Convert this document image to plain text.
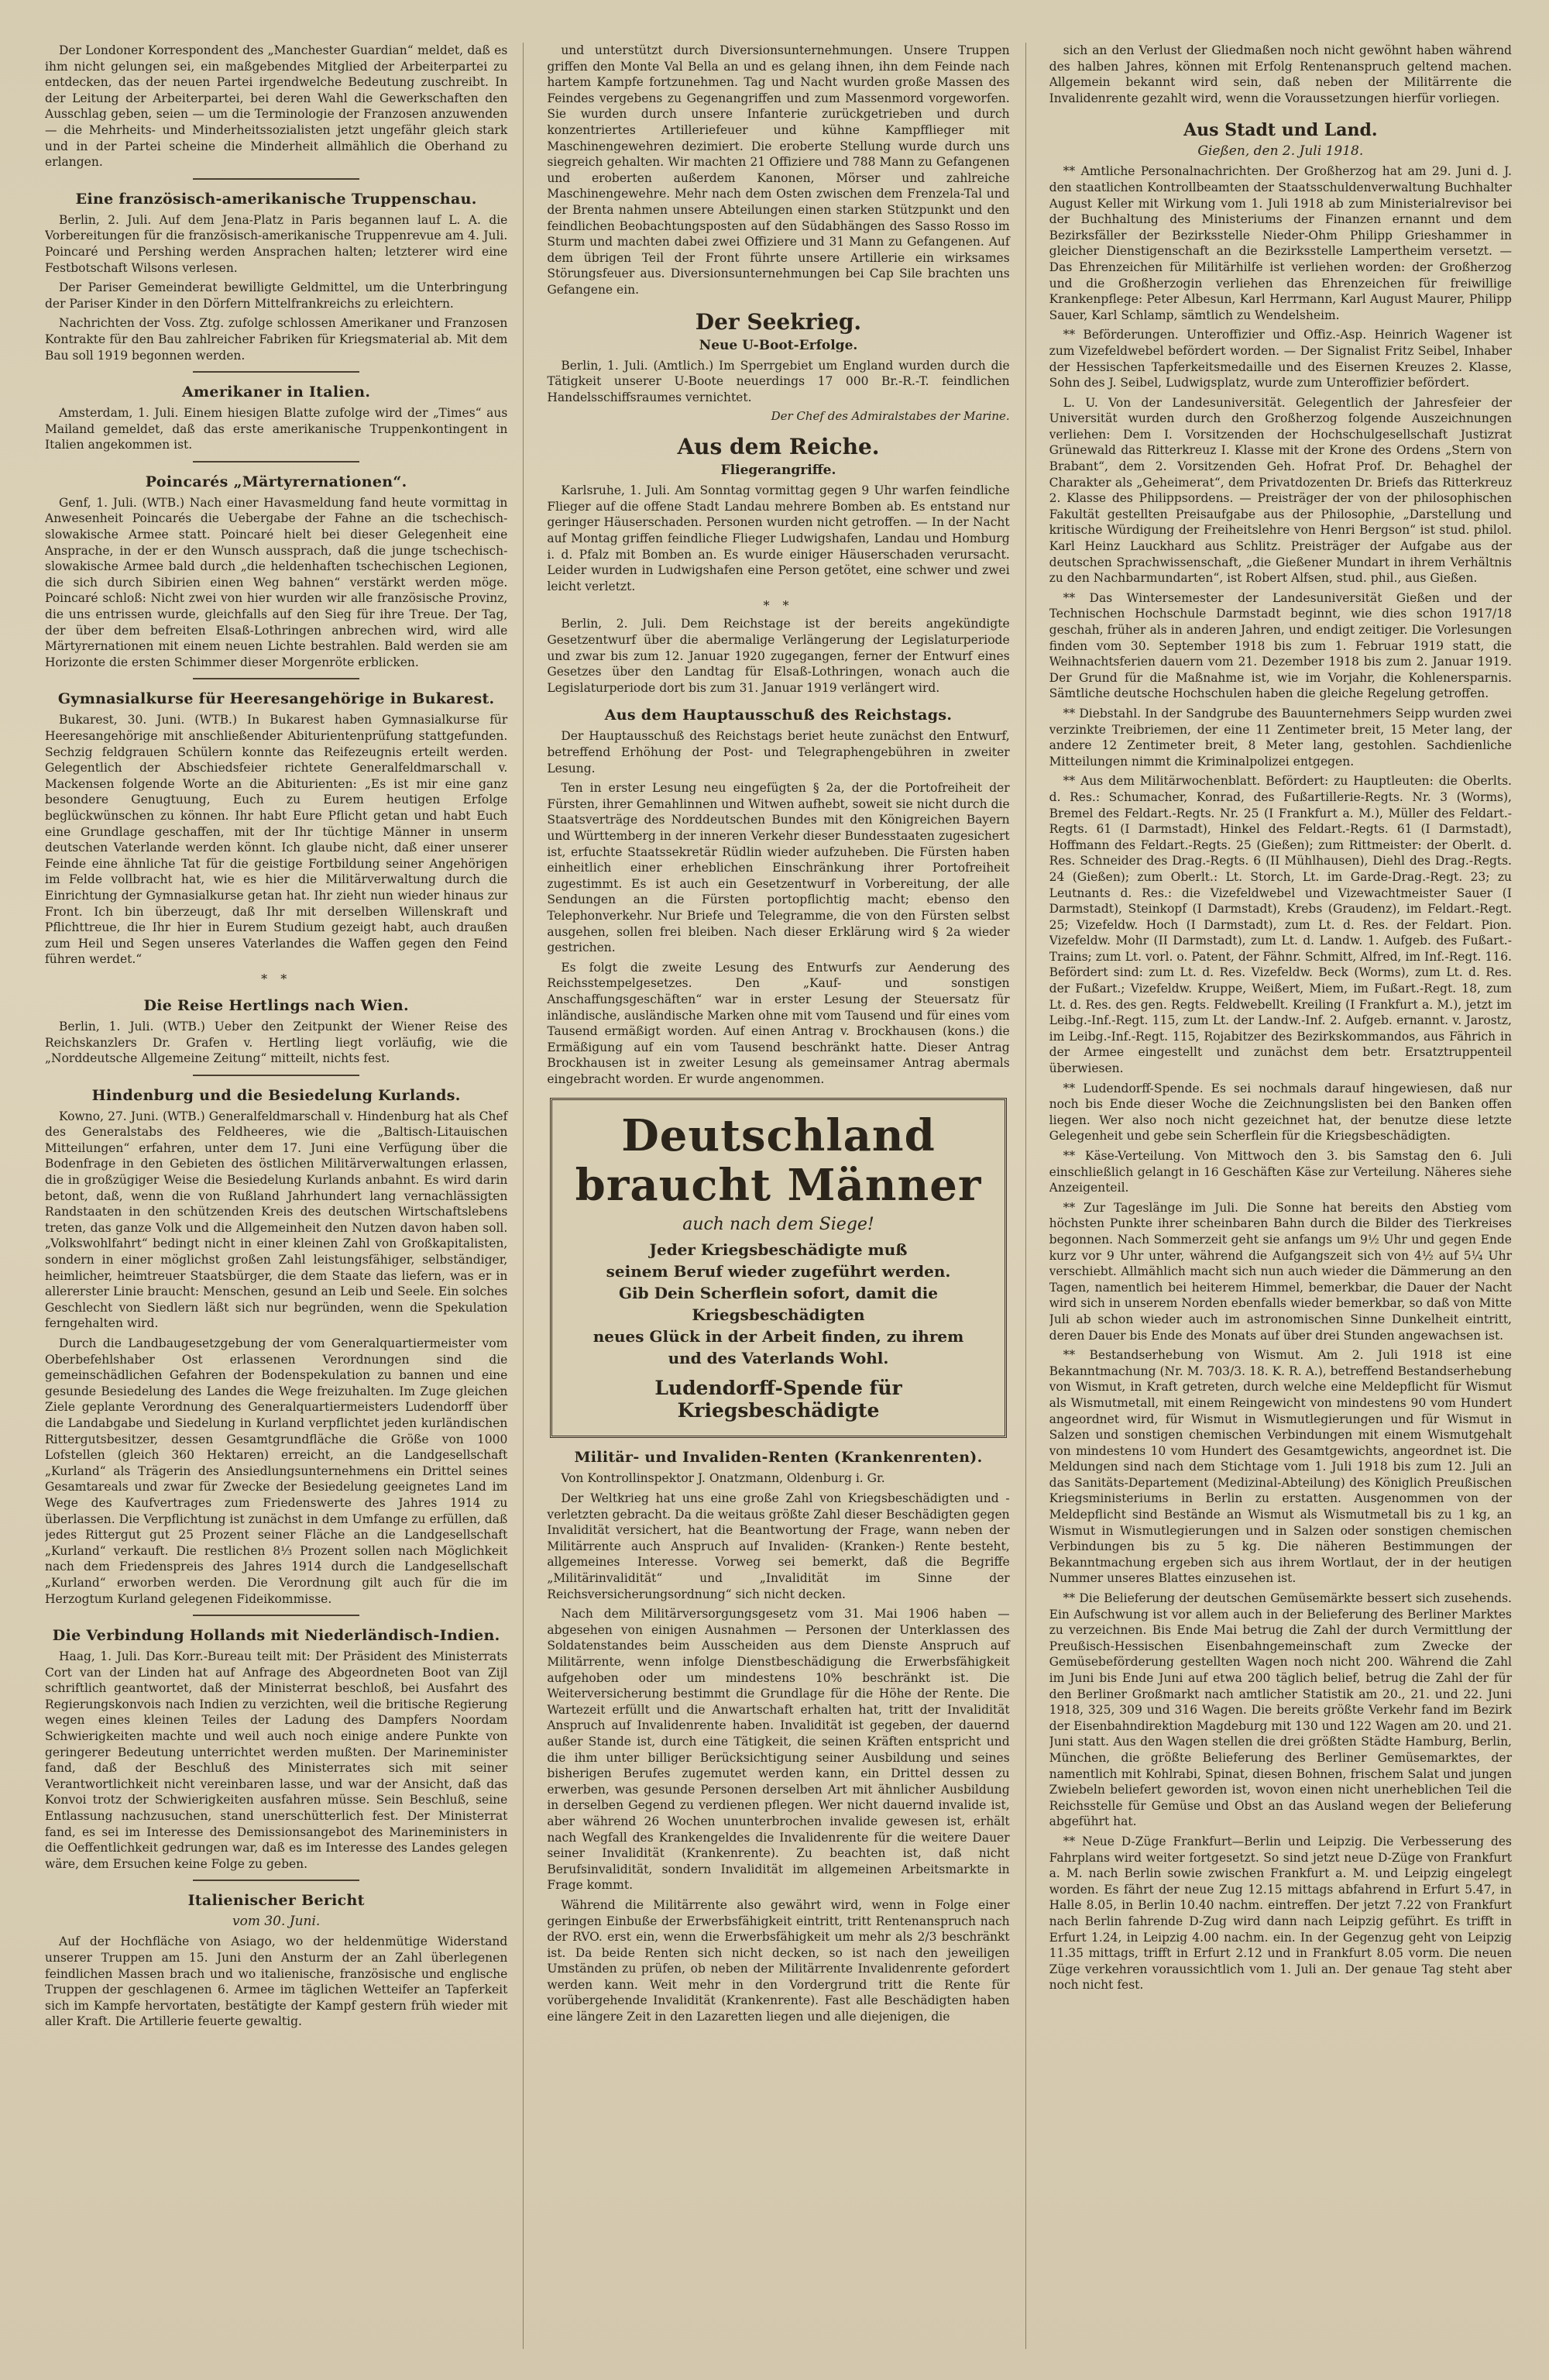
Der Londoner Korrespondent des „Manchester Guardian“ meldet, daß es ihm nicht gelungen sei, ein maßgebendes Mitglied der Arbeiterpartei zu entdecken, das der neuen Partei irgendwelche Bedeutung zuschreibt. In der Leitung der Arbeiterpartei, bei deren Wahl die Gewerkschaften den Ausschlag geben, seien — um die Terminologie der Franzosen anzuwenden — die Mehrheits- und Minderheitssozialisten jetzt ungefähr gleich stark und in der Partei scheine die Minderheit allmählich die Oberhand zu erlangen.

Eine französisch-amerikanische Truppenschau.

Berlin, 2. Juli. Auf dem Jena-Platz in Paris begannen lauf L. A. die Vorbereitungen für die französisch-amerikanische Truppenrevue am 4. Juli. Poincaré und Pershing werden Ansprachen halten; letzterer wird eine Festbotschaft Wilsons verlesen.

Der Pariser Gemeinderat bewilligte Geldmittel, um die Unterbringung der Pariser Kinder in den Dörfern Mittelfrankreichs zu erleichtern.

Nachrichten der Voss. Ztg. zufolge schlossen Amerikaner und Franzosen Kontrakte für den Bau zahlreicher Fabriken für Kriegsmaterial ab. Mit dem Bau soll 1919 begonnen werden.

Amerikaner in Italien.

Amsterdam, 1. Juli. Einem hiesigen Blatte zufolge wird der „Times“ aus Mailand gemeldet, daß das erste amerikanische Truppenkontingent in Italien angekommen ist.

Poincarés „Märtyrernationen“.

Genf, 1. Juli. (WTB.) Nach einer Havasmeldung fand heute vormittag in Anwesenheit Poincarés die Uebergabe der Fahne an die tschechisch-slowakische Armee statt. Poincaré hielt bei dieser Gelegenheit eine Ansprache, in der er den Wunsch aussprach, daß die junge tschechisch-slowakische Armee bald durch „die heldenhaften tschechischen Legionen, die sich durch Sibirien einen Weg bahnen“ verstärkt werden möge. Poincaré schloß: Nicht zwei von hier wurden wir alle französische Provinz, die uns entrissen wurde, gleichfalls auf den Sieg für ihre Treue. Der Tag, der über dem befreiten Elsaß-Lothringen anbrechen wird, wird alle Märtyrernationen mit einem neuen Lichte bestrahlen. Bald werden sie am Horizonte die ersten Schimmer dieser Morgenröte erblicken.

Gymnasialkurse für Heeresangehörige in Bukarest.

Bukarest, 30. Juni. (WTB.) In Bukarest haben Gymnasialkurse für Heeresangehörige mit anschließender Abiturientenprüfung stattgefunden. Sechzig feldgrauen Schülern konnte das Reifezeugnis erteilt werden. Gelegentlich der Abschiedsfeier richtete Generalfeldmarschall v. Mackensen folgende Worte an die Abiturienten: „Es ist mir eine ganz besondere Genugtuung, Euch zu Eurem heutigen Erfolge beglückwünschen zu können. Ihr habt Eure Pflicht getan und habt Euch eine Grundlage geschaffen, mit der Ihr tüchtige Männer in unserm deutschen Vaterlande werden könnt. Ich glaube nicht, daß einer unserer Feinde eine ähnliche Tat für die geistige Fortbildung seiner Angehörigen im Felde vollbracht hat, wie es hier die Militärverwaltung durch die Einrichtung der Gymnasialkurse getan hat. Ihr zieht nun wieder hinaus zur Front. Ich bin überzeugt, daß Ihr mit derselben Willenskraft und Pflichttreue, die Ihr hier in Eurem Studium gezeigt habt, auch draußen zum Heil und Segen unseres Vaterlandes die Waffen gegen den Feind führen werdet.“

* *
Die Reise Hertlings nach Wien.

Berlin, 1. Juli. (WTB.) Ueber den Zeitpunkt der Wiener Reise des Reichskanzlers Dr. Grafen v. Hertling liegt vorläufig, wie die „Norddeutsche Allgemeine Zeitung“ mitteilt, nichts fest.

Hindenburg und die Besiedelung Kurlands.

Kowno, 27. Juni. (WTB.) Generalfeldmarschall v. Hindenburg hat als Chef des Generalstabs des Feldheeres, wie die „Baltisch-Litauischen Mitteilungen“ erfahren, unter dem 17. Juni eine Verfügung über die Bodenfrage in den Gebieten des östlichen Militärverwaltungen erlassen, die in großzügiger Weise die Besiedelung Kurlands anbahnt. Es wird darin betont, daß, wenn die von Rußland Jahrhundert lang vernachlässigten Randstaaten in den schützenden Kreis des deutschen Wirtschaftslebens treten, das ganze Volk und die Allgemeinheit den Nutzen davon haben soll. „Volkswohlfahrt“ bedingt nicht in einer kleinen Zahl von Großkapitalisten, sondern in einer möglichst großen Zahl leistungsfähiger, selbständiger, heimlicher, heimtreuer Staatsbürger, die dem Staate das liefern, was er in allererster Linie braucht: Menschen, gesund an Leib und Seele. Ein solches Geschlecht von Siedlern läßt sich nur begründen, wenn die Spekulation ferngehalten wird.

Durch die Landbaugesetzgebung der vom Generalquartiermeister vom Oberbefehlshaber Ost erlassenen Verordnungen sind die gemeinschädlichen Gefahren der Bodenspekulation zu bannen und eine gesunde Besiedelung des Landes die Wege freizuhalten. Im Zuge gleichen Ziele geplante Verordnung des Generalquartiermeisters Ludendorff über die Landabgabe und Siedelung in Kurland verpflichtet jeden kurländischen Rittergutsbesitzer, dessen Gesamtgrundfläche die Größe von 1000 Lofstellen (gleich 360 Hektaren) erreicht, an die Landgesellschaft „Kurland“ als Trägerin des Ansiedlungsunternehmens ein Drittel seines Gesamtareals und zwar für Zwecke der Besiedelung geeignetes Land im Wege des Kaufvertrages zum Friedenswerte des Jahres 1914 zu überlassen. Die Verpflichtung ist zunächst in dem Umfange zu erfüllen, daß jedes Rittergut gut 25 Prozent seiner Fläche an die Landgesellschaft „Kurland“ verkauft. Die restlichen 8⅓ Prozent sollen nach Möglichkeit nach dem Friedenspreis des Jahres 1914 durch die Landgesellschaft „Kurland“ erworben werden. Die Verordnung gilt auch für die im Herzogtum Kurland gelegenen Fideikommisse.

Die Verbindung Hollands mit Niederländisch-Indien.

Haag, 1. Juli. Das Korr.-Bureau teilt mit: Der Präsident des Ministerrats Cort van der Linden hat auf Anfrage des Abgeordneten Boot van Zijl schriftlich geantwortet, daß der Ministerrat beschloß, bei Ausfahrt des Regierungskonvois nach Indien zu verzichten, weil die britische Regierung wegen eines kleinen Teiles der Ladung des Dampfers Noordam Schwierigkeiten machte und weil auch noch einige andere Punkte von geringerer Bedeutung unterrichtet werden mußten. Der Marineminister fand, daß der Beschluß des Ministerrates sich mit seiner Verantwortlichkeit nicht vereinbaren lasse, und war der Ansicht, daß das Konvoi trotz der Schwierigkeiten ausfahren müsse. Sein Beschluß, seine Entlassung nachzusuchen, stand unerschütterlich fest. Der Ministerrat fand, es sei im Interesse des Demissionsangebot des Marineministers in die Oeffentlichkeit gedrungen war, daß es im Interesse des Landes gelegen wäre, dem Ersuchen keine Folge zu geben.

Italienischer Bericht
vom 30. Juni.

Auf der Hochfläche von Asiago, wo der heldenmütige Widerstand unserer Truppen am 15. Juni den Ansturm der an Zahl überlegenen feindlichen Massen brach und wo italienische, französische und englische Truppen der geschlagenen 6. Armee im täglichen Wetteifer an Tapferkeit sich im Kampfe hervortaten, bestätigte der Kampf gestern früh wieder mit aller Kraft. Die Artillerie feuerte gewaltig.

und unterstützt durch Diversionsunternehmungen. Unsere Truppen griffen den Monte Val Bella an und es gelang ihnen, ihn dem Feinde nach hartem Kampfe fortzunehmen. Tag und Nacht wurden große Massen des Feindes vergebens zu Gegenangriffen und zum Massenmord vorgeworfen. Sie wurden durch unsere Infanterie zurückgetrieben und durch konzentriertes Artilleriefeuer und kühne Kampfflieger mit Maschinengewehren dezimiert. Die eroberte Stellung wurde durch uns siegreich gehalten. Wir machten 21 Offiziere und 788 Mann zu Gefangenen und eroberten außerdem Kanonen, Mörser und zahlreiche Maschinengewehre. Mehr nach dem Osten zwischen dem Frenzela-Tal und der Brenta nahmen unsere Abteilungen einen starken Stützpunkt und den feindlichen Beobachtungsposten auf den Südabhängen des Sasso Rosso im Sturm und machten dabei zwei Offiziere und 31 Mann zu Gefangenen. Auf dem übrigen Teil der Front führte unsere Artillerie ein wirksames Störungsfeuer aus. Diversionsunternehmungen bei Cap Sile brachten uns Gefangene ein.

Der Seekrieg.
Neue U-Boot-Erfolge.

Berlin, 1. Juli. (Amtlich.) Im Sperrgebiet um England wurden durch die Tätigkeit unserer U-Boote neuerdings 17 000 Br.-R.-T. feindlichen Handelsschiffsraumes vernichtet.

Der Chef des Admiralstabes der Marine.
Aus dem Reiche.
Fliegerangriffe.

Karlsruhe, 1. Juli. Am Sonntag vormittag gegen 9 Uhr warfen feindliche Flieger auf die offene Stadt Landau mehrere Bomben ab. Es entstand nur geringer Häuserschaden. Personen wurden nicht getroffen. — In der Nacht auf Montag griffen feindliche Flieger Ludwigshafen, Landau und Homburg i. d. Pfalz mit Bomben an. Es wurde einiger Häuserschaden verursacht. Leider wurden in Ludwigshafen eine Person getötet, eine schwer und zwei leicht verletzt.

* *

Berlin, 2. Juli. Dem Reichstage ist der bereits angekündigte Gesetzentwurf über die abermalige Verlängerung der Legislaturperiode und zwar bis zum 12. Januar 1920 zugegangen, ferner der Entwurf eines Gesetzes über den Landtag für Elsaß-Lothringen, wonach auch die Legislaturperiode dort bis zum 31. Januar 1919 verlängert wird.

Aus dem Hauptausschuß des Reichstags.

Der Hauptausschuß des Reichstags beriet heute zunächst den Entwurf, betreffend Erhöhung der Post- und Telegraphengebühren in zweiter Lesung.

Ten in erster Lesung neu eingefügten § 2a, der die Portofreiheit der Fürsten, ihrer Gemahlinnen und Witwen aufhebt, soweit sie nicht durch die Staatsverträge des Norddeutschen Bundes mit den Königreichen Bayern und Württemberg in der inneren Verkehr dieser Bundesstaaten zugesichert ist, erfuchte Staatssekretär Rüdlin wieder aufzuheben. Die Fürsten haben einheitlich einer erheblichen Einschränkung ihrer Portofreiheit zugestimmt. Es ist auch ein Gesetzentwurf in Vorbereitung, der alle Sendungen an die Fürsten portopflichtig macht; ebenso den Telephonverkehr. Nur Briefe und Telegramme, die von den Fürsten selbst ausgehen, sollen frei bleiben. Nach dieser Erklärung wird § 2a wieder gestrichen.

Es folgt die zweite Lesung des Entwurfs zur Aenderung des Reichsstempelgesetzes. Den „Kauf- und sonstigen Anschaffungsgeschäften“ war in erster Lesung der Steuersatz für inländische, ausländische Marken ohne mit vom Tausend und für eines vom Tausend ermäßigt worden. Auf einen Antrag v. Brockhausen (kons.) die Ermäßigung auf ein vom Tausend beschränkt hatte. Dieser Antrag Brockhausen ist in zweiter Lesung als gemeinsamer Antrag abermals eingebracht worden. Er wurde angenommen.

Deutschland
braucht Männer
auch nach dem Siege!
Jeder Kriegsbeschädigte muß
seinem Beruf wieder zugeführt werden.
Gib Dein Scherflein sofort, damit die Kriegsbeschädigten
neues Glück in der Arbeit finden, zu ihrem
und des Vaterlands Wohl.
Ludendorff-Spende für Kriegsbeschädigte
Militär- und Invaliden-Renten (Krankenrenten).

Von Kontrollinspektor J. Onatzmann, Oldenburg i. Gr.

Der Weltkrieg hat uns eine große Zahl von Kriegsbeschädigten und -verletzten gebracht. Da die weitaus größte Zahl dieser Beschädigten gegen Invalidität versichert, hat die Beantwortung der Frage, wann neben der Militärrente auch Anspruch auf Invaliden- (Kranken-) Rente besteht, allgemeines Interesse. Vorweg sei bemerkt, daß die Begriffe „Militärinvalidität“ und „Invalidität im Sinne der Reichsversicherungsordnung“ sich nicht decken.

Nach dem Militärversorgungsgesetz vom 31. Mai 1906 haben — abgesehen von einigen Ausnahmen — Personen der Unterklassen des Soldatenstandes beim Ausscheiden aus dem Dienste Anspruch auf Militärrente, wenn infolge Dienstbeschädigung die Erwerbsfähigkeit aufgehoben oder um mindestens 10% beschränkt ist. Die Weiterversicherung bestimmt die Grundlage für die Höhe der Rente. Die Wartezeit erfüllt und die Anwartschaft erhalten hat, tritt der Invalidität Anspruch auf Invalidenrente haben. Invalidität ist gegeben, der dauernd außer Stande ist, durch eine Tätigkeit, die seinen Kräften entspricht und die ihm unter billiger Berücksichtigung seiner Ausbildung und seines bisherigen Berufes zugemutet werden kann, ein Drittel dessen zu erwerben, was gesunde Personen derselben Art mit ähnlicher Ausbildung in derselben Gegend zu verdienen pflegen. Wer nicht dauernd invalide ist, aber während 26 Wochen ununterbrochen invalide gewesen ist, erhält nach Wegfall des Krankengeldes die Invalidenrente für die weitere Dauer seiner Invalidität (Krankenrente). Zu beachten ist, daß nicht Berufsinvalidität, sondern Invalidität im allgemeinen Arbeitsmarkte in Frage kommt.

Während die Militärrente also gewährt wird, wenn in Folge einer geringen Einbuße der Erwerbsfähigkeit eintritt, tritt Rentenanspruch nach der RVO. erst ein, wenn die Erwerbsfähigkeit um mehr als 2/3 beschränkt ist. Da beide Renten sich nicht decken, so ist nach den jeweiligen Umständen zu prüfen, ob neben der Militärrente Invalidenrente gefordert werden kann. Weit mehr in den Vordergrund tritt die Rente für vorübergehende Invalidität (Krankenrente). Fast alle Beschädigten haben eine längere Zeit in den Lazaretten liegen und alle diejenigen, die

sich an den Verlust der Gliedmaßen noch nicht gewöhnt haben während des halben Jahres, können mit Erfolg Rentenanspruch geltend machen. Allgemein bekannt wird sein, daß neben der Militärrente die Invalidenrente gezahlt wird, wenn die Voraussetzungen hierfür vorliegen.

Aus Stadt und Land.
Gießen, den 2. Juli 1918.

** Amtliche Personalnachrichten. Der Großherzog hat am 29. Juni d. J. den staatlichen Kontrollbeamten der Staatsschuldenverwaltung Buchhalter August Keller mit Wirkung vom 1. Juli 1918 ab zum Ministerialrevisor bei der Buchhaltung des Ministeriums der Finanzen ernannt und dem Bezirksfäller der Bezirksstelle Nieder-Ohm Philipp Grieshammer in gleicher Dienstigenschaft an die Bezirksstelle Lampertheim versetzt. — Das Ehrenzeichen für Militärhilfe ist verliehen worden: der Großherzog und die Großherzogin verliehen das Ehrenzeichen für freiwillige Krankenpflege: Peter Albesun, Karl Herrmann, Karl August Maurer, Philipp Sauer, Karl Schlamp, sämtlich zu Wendelsheim.

** Beförderungen. Unteroffizier und Offiz.-Asp. Heinrich Wagener ist zum Vizefeldwebel befördert worden. — Der Signalist Fritz Seibel, Inhaber der Hessischen Tapferkeitsmedaille und des Eisernen Kreuzes 2. Klasse, Sohn des J. Seibel, Ludwigsplatz, wurde zum Unteroffizier befördert.

L. U. Von der Landesuniversität. Gelegentlich der Jahresfeier der Universität wurden durch den Großherzog folgende Auszeichnungen verliehen: Dem I. Vorsitzenden der Hochschulgesellschaft Justizrat Grünewald das Ritterkreuz I. Klasse mit der Krone des Ordens „Stern von Brabant“, dem 2. Vorsitzenden Geh. Hofrat Prof. Dr. Behaghel der Charakter als „Geheimerat“, dem Privatdozenten Dr. Briefs das Ritterkreuz 2. Klasse des Philippsordens. — Preisträger der von der philosophischen Fakultät gestellten Preisaufgabe aus der Philosophie, „Darstellung und kritische Würdigung der Freiheitslehre von Henri Bergson“ ist stud. philol. Karl Heinz Lauckhard aus Schlitz. Preisträger der Aufgabe aus der deutschen Sprachwissenschaft, „die Gießener Mundart in ihrem Verhältnis zu den Nachbarmundarten“, ist Robert Alfsen, stud. phil., aus Gießen.

** Das Wintersemester der Landesuniversität Gießen und der Technischen Hochschule Darmstadt beginnt, wie dies schon 1917/18 geschah, früher als in anderen Jahren, und endigt zeitiger. Die Vorlesungen finden vom 30. September 1918 bis zum 1. Februar 1919 statt, die Weihnachtsferien dauern vom 21. Dezember 1918 bis zum 2. Januar 1919. Der Grund für die Maßnahme ist, wie im Vorjahr, die Kohlenersparnis. Sämtliche deutsche Hochschulen haben die gleiche Regelung getroffen.

** Diebstahl. In der Sandgrube des Bauunternehmers Seipp wurden zwei verzinkte Treibriemen, der eine 11 Zentimeter breit, 15 Meter lang, der andere 12 Zentimeter breit, 8 Meter lang, gestohlen. Sachdienliche Mitteilungen nimmt die Kriminalpolizei entgegen.

** Aus dem Militärwochenblatt. Befördert: zu Hauptleuten: die Oberlts. d. Res.: Schumacher, Konrad, des Fußartillerie-Regts. Nr. 3 (Worms), Bremel des Feldart.-Regts. Nr. 25 (I Frankfurt a. M.), Müller des Feldart.-Regts. 61 (I Darmstadt), Hinkel des Feldart.-Regts. 61 (I Darmstadt), Hoffmann des Feldart.-Regts. 25 (Gießen); zum Rittmeister: der Oberlt. d. Res. Schneider des Drag.-Regts. 6 (II Mühlhausen), Diehl des Drag.-Regts. 24 (Gießen); zum Oberlt.: Lt. Storch, Lt. im Garde-Drag.-Regt. 23; zu Leutnants d. Res.: die Vizefeldwebel und Vizewachtmeister Sauer (I Darmstadt), Steinkopf (I Darmstadt), Krebs (Graudenz), im Feldart.-Regt. 25; Vizefeldw. Hoch (I Darmstadt), zum Lt. d. Res. der Feldart. Pion. Vizefeldw. Mohr (II Darmstadt), zum Lt. d. Landw. 1. Aufgeb. des Fußart.-Trains; zum Lt. vorl. o. Patent, der Fähnr. Schmitt, Alfred, im Inf.-Regt. 116. Befördert sind: zum Lt. d. Res. Vizefeldw. Beck (Worms), zum Lt. d. Res. der Fußart.; Vizefeldw. Kruppe, Weißert, Miem, im Fußart.-Regt. 18, zum Lt. d. Res. des gen. Regts. Feldwebellt. Kreiling (I Frankfurt a. M.), jetzt im Leibg.-Inf.-Regt. 115, zum Lt. der Landw.-Inf. 2. Aufgeb. ernannt. v. Jarostz, im Leibg.-Inf.-Regt. 115, Rojabitzer des Bezirkskommandos, aus Fährich in der Armee eingestellt und zunächst dem betr. Ersatztruppenteil überwiesen.

** Ludendorff-Spende. Es sei nochmals darauf hingewiesen, daß nur noch bis Ende dieser Woche die Zeichnungslisten bei den Banken offen liegen. Wer also noch nicht gezeichnet hat, der benutze diese letzte Gelegenheit und gebe sein Scherflein für die Kriegsbeschädigten.

** Käse-Verteilung. Von Mittwoch den 3. bis Samstag den 6. Juli einschließlich gelangt in 16 Geschäften Käse zur Verteilung. Näheres siehe Anzeigenteil.

** Zur Tageslänge im Juli. Die Sonne hat bereits den Abstieg vom höchsten Punkte ihrer scheinbaren Bahn durch die Bilder des Tierkreises begonnen. Nach Sommerzeit geht sie anfangs um 9½ Uhr und gegen Ende kurz vor 9 Uhr unter, während die Aufgangszeit sich von 4½ auf 5¼ Uhr verschiebt. Allmählich macht sich nun auch wieder die Dämmerung an den Tagen, namentlich bei heiterem Himmel, bemerkbar, die Dauer der Nacht wird sich in unserem Norden ebenfalls wieder bemerkbar, so daß von Mitte Juli ab schon wieder auch im astronomischen Sinne Dunkelheit eintritt, deren Dauer bis Ende des Monats auf über drei Stunden angewachsen ist.

** Bestandserhebung von Wismut. Am 2. Juli 1918 ist eine Bekanntmachung (Nr. M. 703/3. 18. K. R. A.), betreffend Bestandserhebung von Wismut, in Kraft getreten, durch welche eine Meldepflicht für Wismut als Wismutmetall, mit einem Reingewicht von mindestens 90 vom Hundert angeordnet wird, für Wismut in Wismutlegierungen und für Wismut in Salzen und sonstigen chemischen Verbindungen mit einem Wismutgehalt von mindestens 10 vom Hundert des Gesamtgewichts, angeordnet ist. Die Meldungen sind nach dem Stichtage vom 1. Juli 1918 bis zum 12. Juli an das Sanitäts-Departement (Medizinal-Abteilung) des Königlich Preußischen Kriegsministeriums in Berlin zu erstatten. Ausgenommen von der Meldepflicht sind Bestände an Wismut als Wismutmetall bis zu 1 kg, an Wismut in Wismutlegierungen und in Salzen oder sonstigen chemischen Verbindungen bis zu 5 kg. Die näheren Bestimmungen der Bekanntmachung ergeben sich aus ihrem Wortlaut, der in der heutigen Nummer unseres Blattes einzusehen ist.

** Die Belieferung der deutschen Gemüsemärkte bessert sich zusehends. Ein Aufschwung ist vor allem auch in der Belieferung des Berliner Marktes zu verzeichnen. Bis Ende Mai betrug die Zahl der durch Vermittlung der Preußisch-Hessischen Eisenbahngemeinschaft zum Zwecke der Gemüsebeförderung gestellten Wagen noch nicht 200. Während die Zahl im Juni bis Ende Juni auf etwa 200 täglich belief, betrug die Zahl der für den Berliner Großmarkt nach amtlicher Statistik am 20., 21. und 22. Juni 1918, 325, 309 und 316 Wagen. Die bereits größte Verkehr fand im Bezirk der Eisenbahndirektion Magdeburg mit 130 und 122 Wagen am 20. und 21. Juni statt. Aus den Wagen stellen die drei größten Städte Hamburg, Berlin, München, die größte Belieferung des Berliner Gemüsemarktes, der namentlich mit Kohlrabi, Spinat, diesen Bohnen, frischem Salat und jungen Zwiebeln beliefert geworden ist, wovon einen nicht unerheblichen Teil die Reichsstelle für Gemüse und Obst an das Ausland wegen der Belieferung abgeführt hat.

** Neue D-Züge Frankfurt—Berlin und Leipzig. Die Verbesserung des Fahrplans wird weiter fortgesetzt. So sind jetzt neue D-Züge von Frankfurt a. M. nach Berlin sowie zwischen Frankfurt a. M. und Leipzig eingelegt worden. Es fährt der neue Zug 12.15 mittags abfahrend in Erfurt 5.47, in Halle 8.05, in Berlin 10.40 nachm. eintreffen. Der jetzt 7.22 von Frankfurt nach Berlin fahrende D-Zug wird dann nach Leipzig geführt. Es trifft in Erfurt 1.24, in Leipzig 4.00 nachm. ein. In der Gegenzug geht von Leipzig 11.35 mittags, trifft in Erfurt 2.12 und in Frankfurt 8.05 vorm. Die neuen Züge verkehren voraussichtlich vom 1. Juli an. Der genaue Tag steht aber noch nicht fest.
